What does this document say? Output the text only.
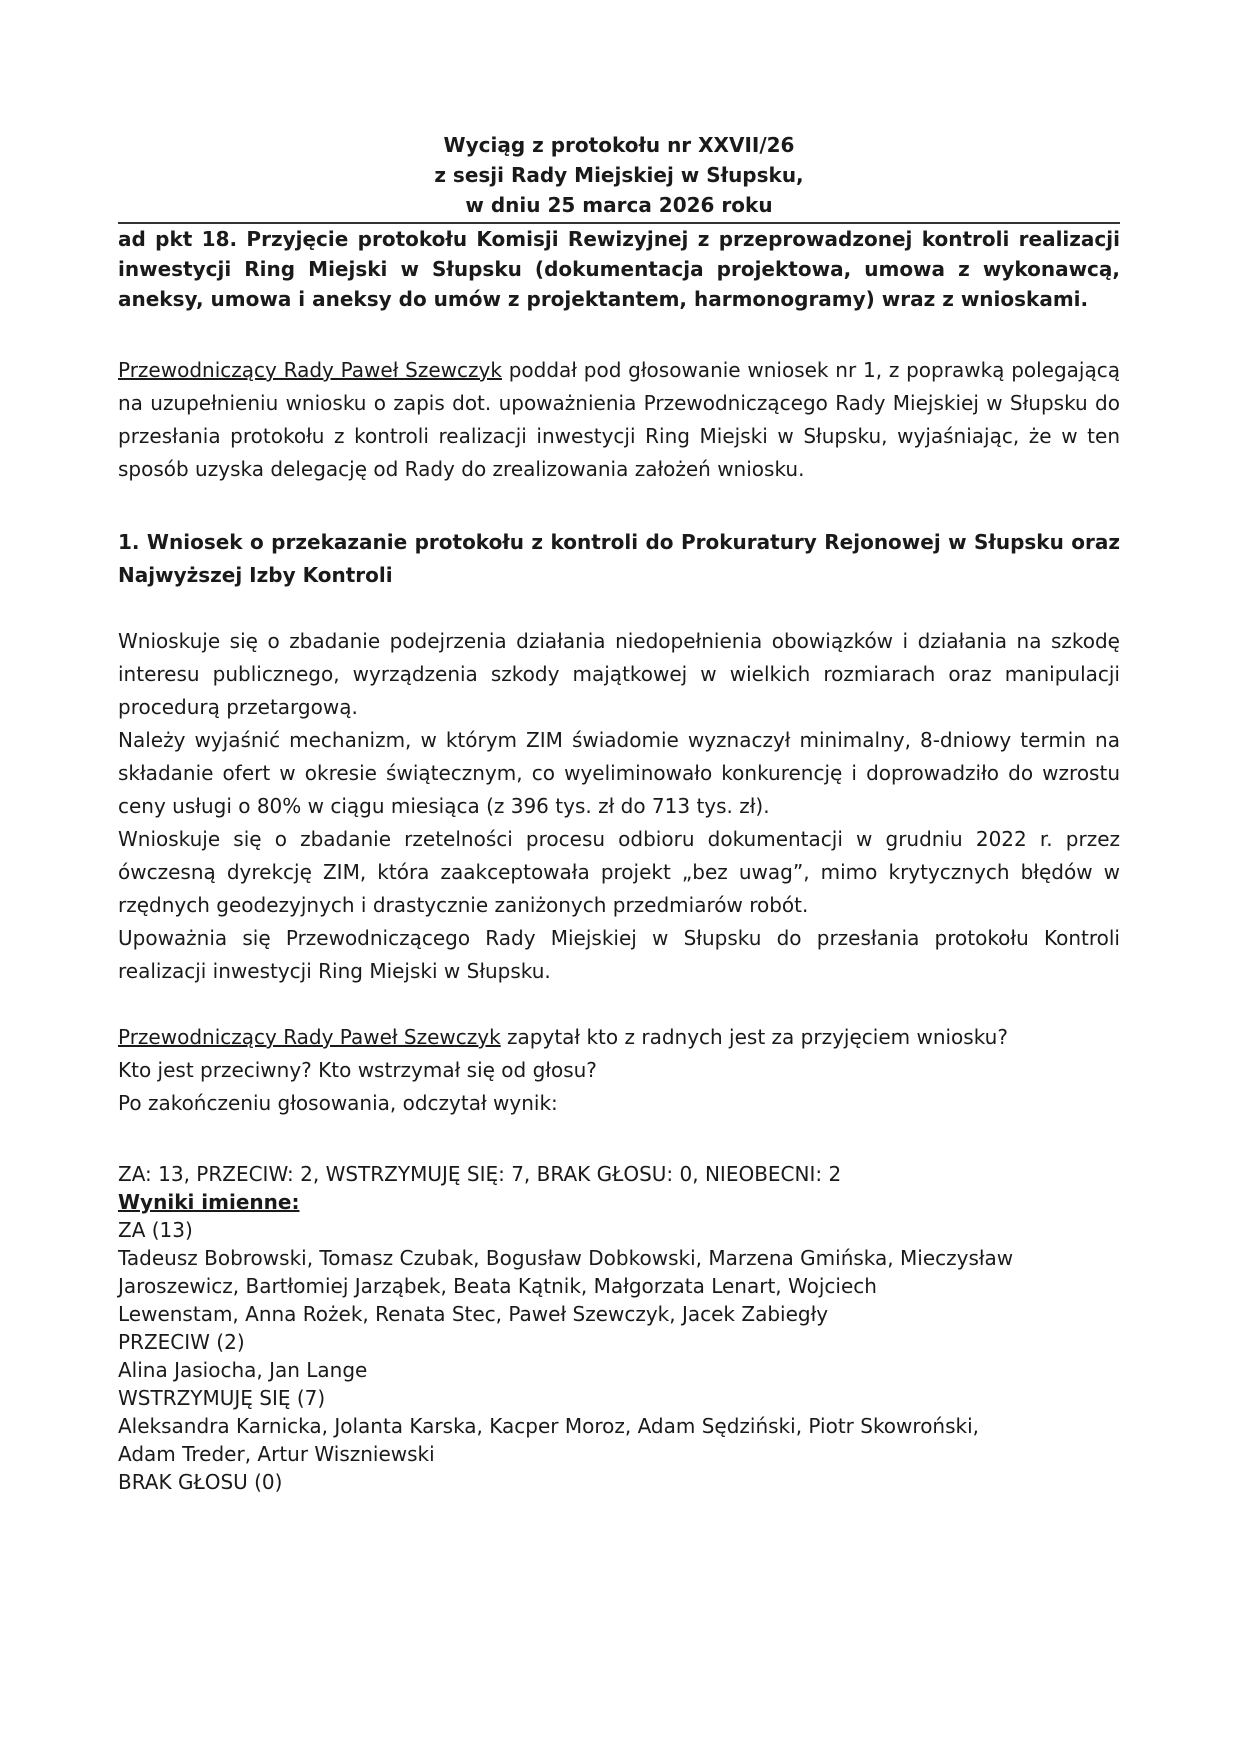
Wyciąg z protokołu nr XXVII/26
z sesji Rady Miejskiej w Słupsku,
w dniu 25 marca 2026 roku
ad pkt 18. Przyjęcie protokołu Komisji Rewizyjnej z przeprowadzonej kontroli realizacji inwestycji Ring Miejski w Słupsku (dokumentacja projektowa, umowa z wykonawcą, aneksy, umowa i aneksy do umów z projektantem, harmonogramy) wraz z wnioskami.

Przewodniczący Rady Paweł Szewczyk poddał pod głosowanie wniosek nr 1, z poprawką polegającą na uzupełnieniu wniosku o zapis dot. upoważnienia Przewodniczącego Rady Miejskiej w Słupsku do przesłania protokołu z kontroli realizacji inwestycji Ring Miejski w Słupsku, wyjaśniając, że w ten sposób uzyska delegację od Rady do zrealizowania założeń wniosku.

1. Wniosek o przekazanie protokołu z kontroli do Prokuratury Rejonowej w Słupsku oraz Najwyższej Izby Kontroli

Wnioskuje się o zbadanie podejrzenia działania niedopełnienia obowiązków i działania na szkodę interesu publicznego, wyrządzenia szkody majątkowej w wielkich rozmiarach oraz manipulacji procedurą przetargową.

Należy wyjaśnić mechanizm, w którym ZIM świadomie wyznaczył minimalny, 8-dniowy termin na składanie ofert w okresie świątecznym, co wyeliminowało konkurencję i doprowadziło do wzrostu ceny usługi o 80% w ciągu miesiąca (z 396 tys. zł do 713 tys. zł).

Wnioskuje się o zbadanie rzetelności procesu odbioru dokumentacji w grudniu 2022 r. przez ówczesną dyrekcję ZIM, która zaakceptowała projekt „bez uwag”, mimo krytycznych błędów w rzędnych geodezyjnych i drastycznie zaniżonych przedmiarów robót.

Upoważnia się Przewodniczącego Rady Miejskiej w Słupsku do przesłania protokołu Kontroli realizacji inwestycji Ring Miejski w Słupsku.

Przewodniczący Rady Paweł Szewczyk zapytał kto z radnych jest za przyjęciem wniosku?

Kto jest przeciwny? Kto wstrzymał się od głosu?

Po zakończeniu głosowania, odczytał wynik:

ZA: 13, PRZECIW: 2, WSTRZYMUJĘ SIĘ: 7, BRAK GŁOSU: 0, NIEOBECNI: 2

Wyniki imienne:

ZA (13)

Tadeusz Bobrowski, Tomasz Czubak, Bogusław Dobkowski, Marzena Gmińska, Mieczysław

Jaroszewicz, Bartłomiej Jarząbek, Beata Kątnik, Małgorzata Lenart, Wojciech

Lewenstam, Anna Rożek, Renata Stec, Paweł Szewczyk, Jacek Zabiegły

PRZECIW (2)

Alina Jasiocha, Jan Lange

WSTRZYMUJĘ SIĘ (7)

Aleksandra Karnicka, Jolanta Karska, Kacper Moroz, Adam Sędziński, Piotr Skowroński,

Adam Treder, Artur Wiszniewski

BRAK GŁOSU (0)
